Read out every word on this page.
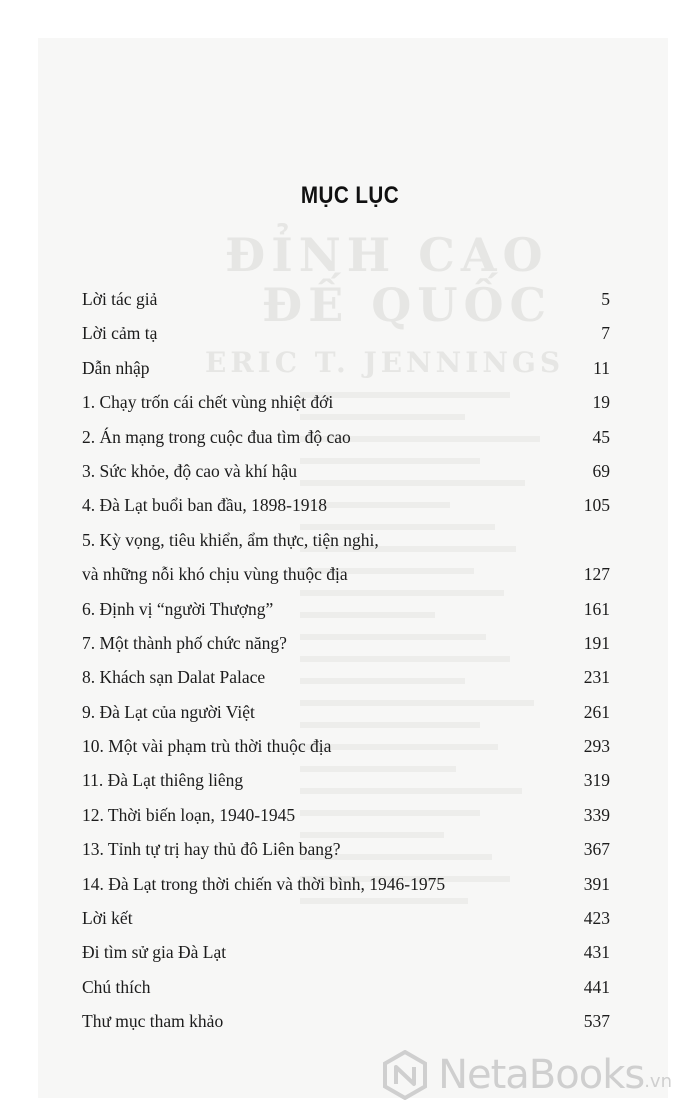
ĐỈNH CAO
ĐẾ QUỐC
ERIC T. JENNINGS
MỤC LỤC
Lời tác giả	5
Lời cảm tạ	7
Dẫn nhập	11
1. Chạy trốn cái chết vùng nhiệt đới	19
2. Án mạng trong cuộc đua tìm độ cao	45
3. Sức khỏe, độ cao và khí hậu	69
4. Đà Lạt buổi ban đầu, 1898-1918	105
5. Kỳ vọng, tiêu khiển, ẩm thực, tiện nghi,
và những nỗi khó chịu vùng thuộc địa	127
6. Định vị “người Thượng”	161
7. Một thành phố chức năng?	191
8. Khách sạn Dalat Palace	231
9. Đà Lạt của người Việt	261
10. Một vài phạm trù thời thuộc địa	293
11. Đà Lạt thiêng liêng	319
12. Thời biến loạn, 1940-1945	339
13. Tỉnh tự trị hay thủ đô Liên bang?	367
14. Đà Lạt trong thời chiến và thời bình, 1946-1975	391
Lời kết	423
Đi tìm sử gia Đà Lạt	431
Chú thích	441
Thư mục tham khảo	537
NetaBooks .vn
